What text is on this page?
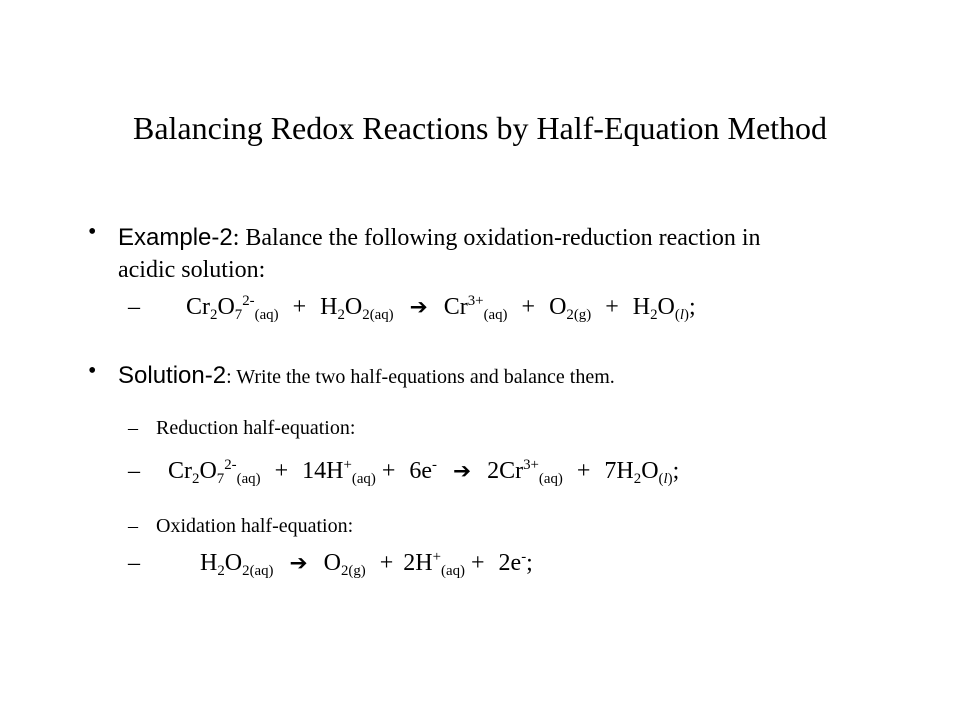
Balancing Redox Reactions by Half-Equation Method
• Example-2: Balance the following oxidation-reduction reaction in
acidic solution:
– $Cr_2O_7^{2-}_{(aq)} + H_2O_{2(aq)}$ ➔ $Cr^{3+}_{(aq)} + O_{2(g)} + H_2O_{(l)}$;
• Solution-2: Write the two half-equations and balance them.
– Reduction half-equation:
– $Cr_2O_7^{2-}_{(aq)} + 14H^+_{(aq)} + 6e^-$ ➔ $2Cr^{3+}_{(aq)} + 7H_2O_{(l)}$;
– Oxidation half-equation:
–	$H_2O_{2(aq)}$ ➔ $O_{2(g)} + 2H^+_{(aq)} + 2e^-$;
